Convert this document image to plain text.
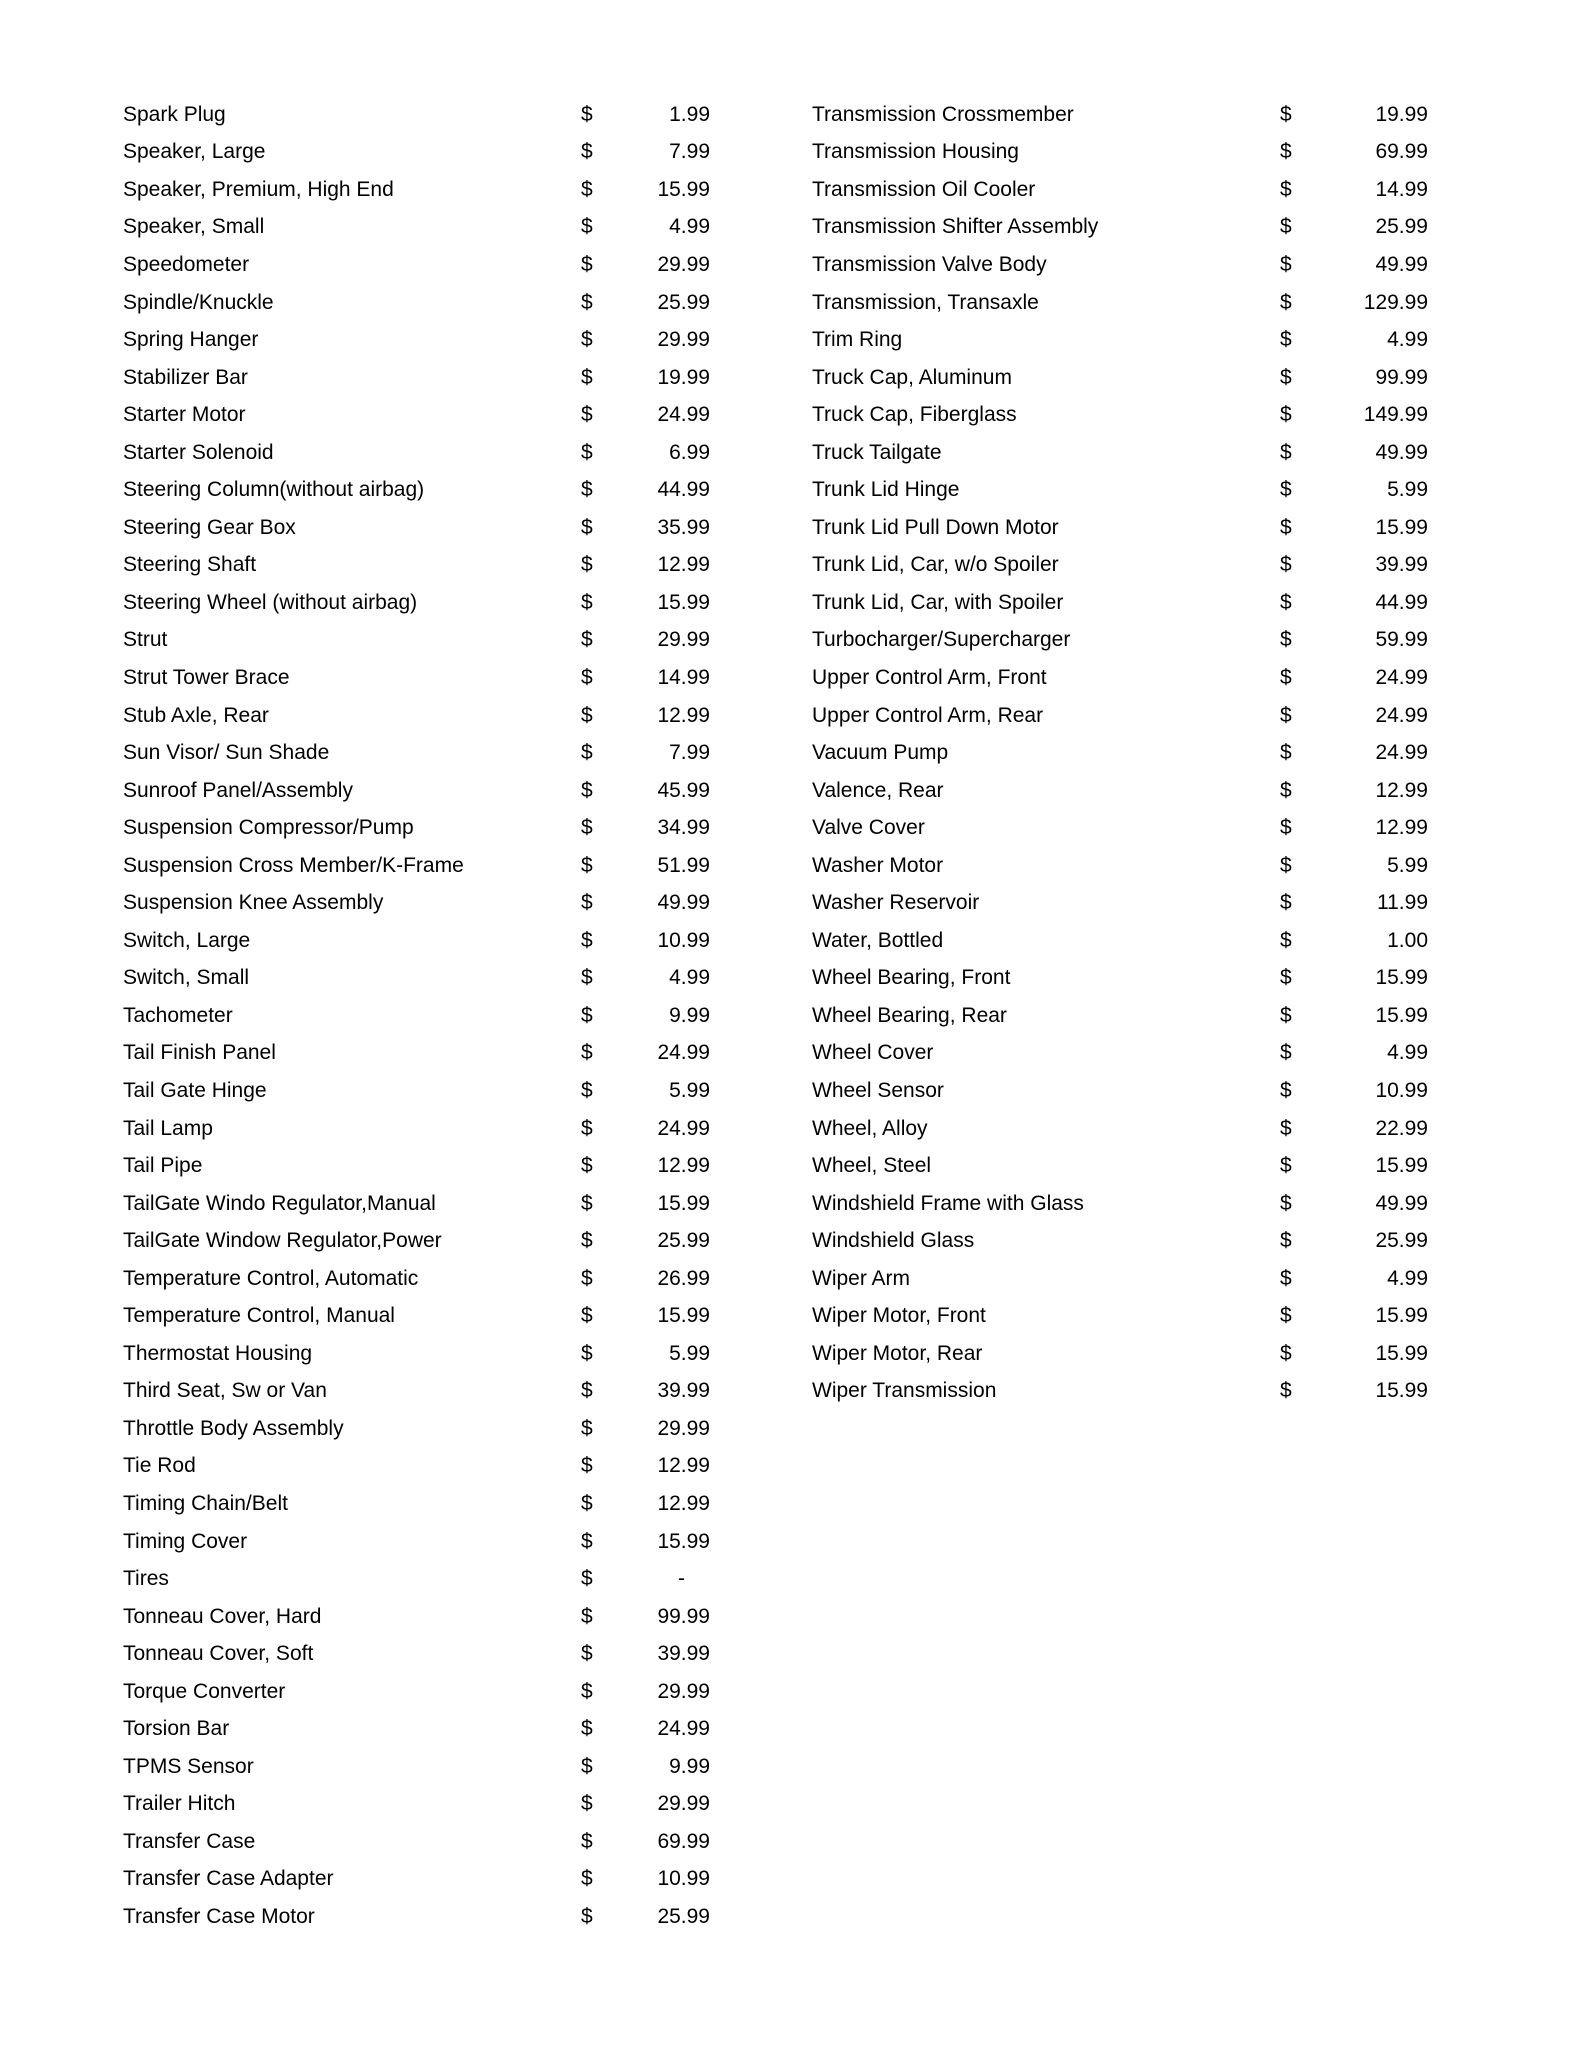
Spark Plug	$	1.99
Speaker, Large	$	7.99
Speaker, Premium, High End	$	15.99
Speaker, Small	$	4.99
Speedometer	$	29.99
Spindle/Knuckle	$	25.99
Spring Hanger	$	29.99
Stabilizer Bar	$	19.99
Starter Motor	$	24.99
Starter Solenoid	$	6.99
Steering Column(without airbag)	$	44.99
Steering Gear Box	$	35.99
Steering Shaft	$	12.99
Steering Wheel (without airbag)	$	15.99
Strut	$	29.99
Strut Tower Brace	$	14.99
Stub Axle, Rear	$	12.99
Sun Visor/ Sun Shade	$	7.99
Sunroof Panel/Assembly	$	45.99
Suspension Compressor/Pump	$	34.99
Suspension Cross Member/K-Frame	$	51.99
Suspension Knee Assembly	$	49.99
Switch, Large	$	10.99
Switch, Small	$	4.99
Tachometer	$	9.99
Tail Finish Panel	$	24.99
Tail Gate Hinge	$	5.99
Tail Lamp	$	24.99
Tail Pipe	$	12.99
TailGate Windo Regulator,Manual	$	15.99
TailGate Window Regulator,Power	$	25.99
Temperature Control, Automatic	$	26.99
Temperature Control, Manual	$	15.99
Thermostat Housing	$	5.99
Third Seat, Sw or Van	$	39.99
Throttle Body Assembly	$	29.99
Tie Rod	$	12.99
Timing Chain/Belt	$	12.99
Timing Cover	$	15.99
Tires	$	-
Tonneau Cover, Hard	$	99.99
Tonneau Cover, Soft	$	39.99
Torque Converter	$	29.99
Torsion Bar	$	24.99
TPMS Sensor	$	9.99
Trailer Hitch	$	29.99
Transfer Case	$	69.99
Transfer Case Adapter	$	10.99
Transfer Case Motor	$	25.99
Transmission Crossmember	$	19.99
Transmission Housing	$	69.99
Transmission Oil Cooler	$	14.99
Transmission Shifter Assembly	$	25.99
Transmission Valve Body	$	49.99
Transmission, Transaxle	$	129.99
Trim Ring	$	4.99
Truck Cap, Aluminum	$	99.99
Truck Cap, Fiberglass	$	149.99
Truck Tailgate	$	49.99
Trunk Lid Hinge	$	5.99
Trunk Lid Pull Down Motor	$	15.99
Trunk Lid, Car, w/o Spoiler	$	39.99
Trunk Lid, Car, with Spoiler	$	44.99
Turbocharger/Supercharger	$	59.99
Upper Control Arm, Front	$	24.99
Upper Control Arm, Rear	$	24.99
Vacuum Pump	$	24.99
Valence, Rear	$	12.99
Valve Cover	$	12.99
Washer Motor	$	5.99
Washer Reservoir	$	11.99
Water, Bottled	$	1.00
Wheel Bearing, Front	$	15.99
Wheel Bearing, Rear	$	15.99
Wheel Cover	$	4.99
Wheel Sensor	$	10.99
Wheel, Alloy	$	22.99
Wheel, Steel	$	15.99
Windshield Frame with Glass	$	49.99
Windshield Glass	$	25.99
Wiper Arm	$	4.99
Wiper Motor, Front	$	15.99
Wiper Motor, Rear	$	15.99
Wiper Transmission	$	15.99
